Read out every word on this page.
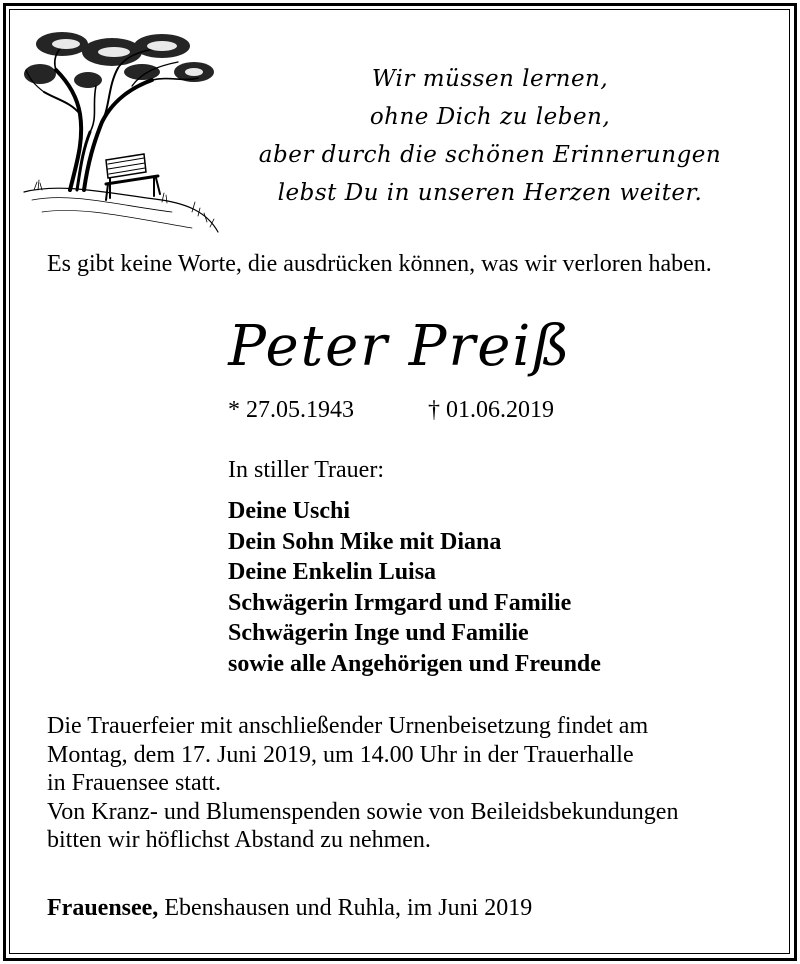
Wir müssen lernen,
ohne Dich zu leben,
aber durch die schönen Erinnerungen
lebst Du in unseren Herzen weiter.
Es gibt keine Worte, die ausdrücken können, was wir verloren haben.
Peter Preiß
* 27.05.1943	† 01.06.2019
In stiller Trauer:
Deine Uschi
Dein Sohn Mike mit Diana
Deine Enkelin Luisa
Schwägerin Irmgard und Familie
Schwägerin Inge und Familie
sowie alle Angehörigen und Freunde
Die Trauerfeier mit anschließender Urnenbeisetzung findet am
Montag, dem 17. Juni 2019, um 14.00 Uhr in der Trauerhalle
in Frauensee statt.
Von Kranz- und Blumenspenden sowie von Beileidsbekundungen
bitten wir höflichst Abstand zu nehmen.
Frauensee, Ebenshausen und Ruhla, im Juni 2019
